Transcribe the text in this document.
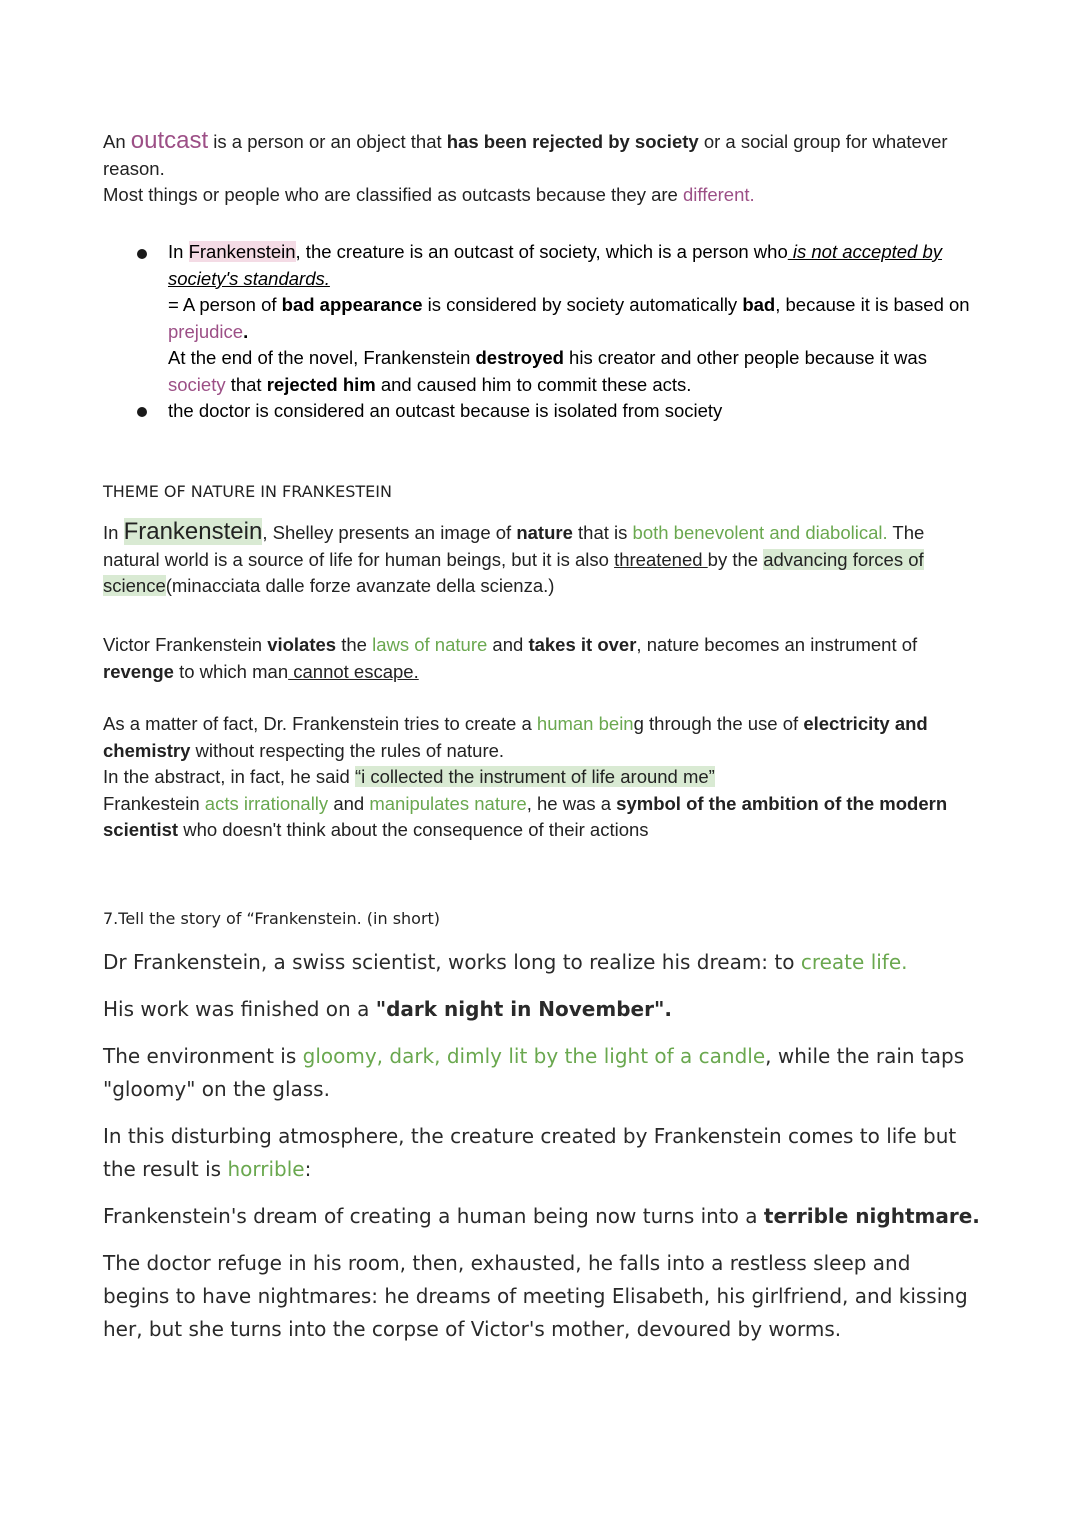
An outcast is a person or an object that has been rejected by society or a social group for whatever reason.

Most things or people who are classified as outcasts because they are different.

In Frankenstein, the creature is an outcast of society, which is a person who is not accepted by society's standards.

= A person of bad appearance is considered by society automatically bad, because it is based on prejudice.

At the end of the novel, Frankenstein destroyed his creator and other people because it was society that rejected him and caused him to commit these acts.

the doctor is considered an outcast because is isolated from society

THEME OF NATURE IN FRANKESTEIN

In Frankenstein, Shelley presents an image of nature that is both benevolent and diabolical. The natural world is a source of life for human beings, but it is also threatened by the advancing forces of science(minacciata dalle forze avanzate della scienza.)

Victor Frankenstein violates the laws of nature and takes it over, nature becomes an instrument of revenge to which man cannot escape.

As a matter of fact, Dr. Frankenstein tries to create a human being through the use of electricity and chemistry without respecting the rules of nature.

In the abstract, in fact, he said “i collected the instrument of life around me”

Frankestein acts irrationally and manipulates nature, he was a symbol of the ambition of the modern scientist who doesn't think about the consequence of their actions

7.Tell the story of “Frankenstein. (in short)

Dr Frankenstein, a swiss scientist, works long to realize his dream: to create life.

His work was finished on a "dark night in November".

The environment is gloomy, dark, dimly lit by the light of a candle, while the rain taps "gloomy" on the glass.

In this disturbing atmosphere, the creature created by Frankenstein comes to life but the result is horrible:

Frankenstein's dream of creating a human being now turns into a terrible nightmare.

The doctor refuge in his room, then, exhausted, he falls into a restless sleep and begins to have nightmares: he dreams of meeting Elisabeth, his girlfriend, and kissing her, but she turns into the corpse of Victor's mother, devoured by worms.
